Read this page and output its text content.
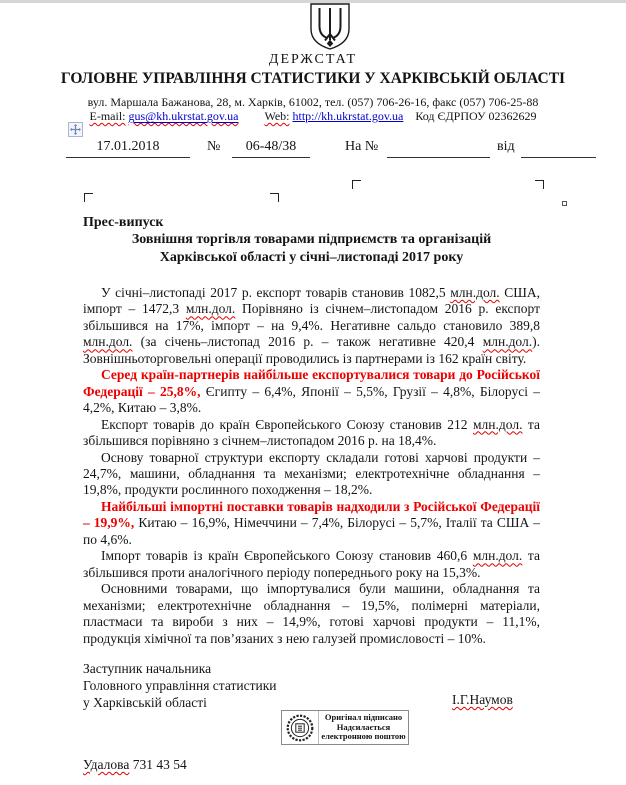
ДЕРЖСТАТ
ГОЛОВНЕ УПРАВЛІННЯ СТАТИСТИКИ У ХАРКІВСЬКІЙ ОБЛАСТІ
вул. Маршала Бажанова, 28, м. Харків, 61002, тел. (057) 706-26-16, факс (057) 706-25-88
E-mail: gus@kh.ukrstat.gov.ua Web: http://kh.ukrstat.gov.ua Код ЄДРПОУ 02362629
17.01.2018	№	06-48/38	На №	від
Прес-випуск
Зовнішня торгівля товарами підприємств та організацій
Харківської області у січні–листопаді 2017 року

У січні–листопаді 2017 р. експорт товарів становив 1082,5 млн.дол. США, імпорт – 1472,3 млн.дол. Порівняно із січнем–листопадом 2016 р. експорт збільшився на 17%, імпорт – на 9,4%. Негативне сальдо становило 389,8 млн.дол. (за січень–листопад 2016 р. – також негативне 420,4 млн.дол.). Зовнішньоторговельні операції проводились із партнерами із 162 країн світу.

Серед країн-партнерів найбільше експортувалися товари до Російської Федерації – 25,8%, Єгипту – 6,4%, Японії – 5,5%, Грузії – 4,8%, Білорусі – 4,2%, Китаю – 3,8%.

Експорт товарів до країн Європейського Союзу становив 212 млн.дол. та збільшився порівняно з січнем–листопадом 2016 р. на 18,4%.

Основу товарної структури експорту складали готові харчові продукти – 24,7%, машини, обладнання та механізми; електротехнічне обладнання – 19,8%, продукти рослинного походження – 18,2%.

Найбільші імпортні поставки товарів надходили з Російської Федерації – 19,9%, Китаю – 16,9%, Німеччини – 7,4%, Білорусі – 5,7%, Італії та США – по 4,6%.

Імпорт товарів із країн Європейського Союзу становив 460,6 млн.дол. та збільшився проти аналогічного періоду попереднього року на 15,3%.

Основними товарами, що імпортувалися були машини, обладнання та механізми; електротехнічне обладнання – 19,5%, полімерні матеріали, пластмаси та вироби з них – 14,9%, готові харчові продукти – 11,1%, продукція хімічної та пов’язаних з нею галузей промисловості – 10%.

Заступник начальника
Головного управління статистики
у Харківській області	І.Г.Наумов
Оригінал підписано
Надсилається
електронною поштою
Удалова 731 43 54
